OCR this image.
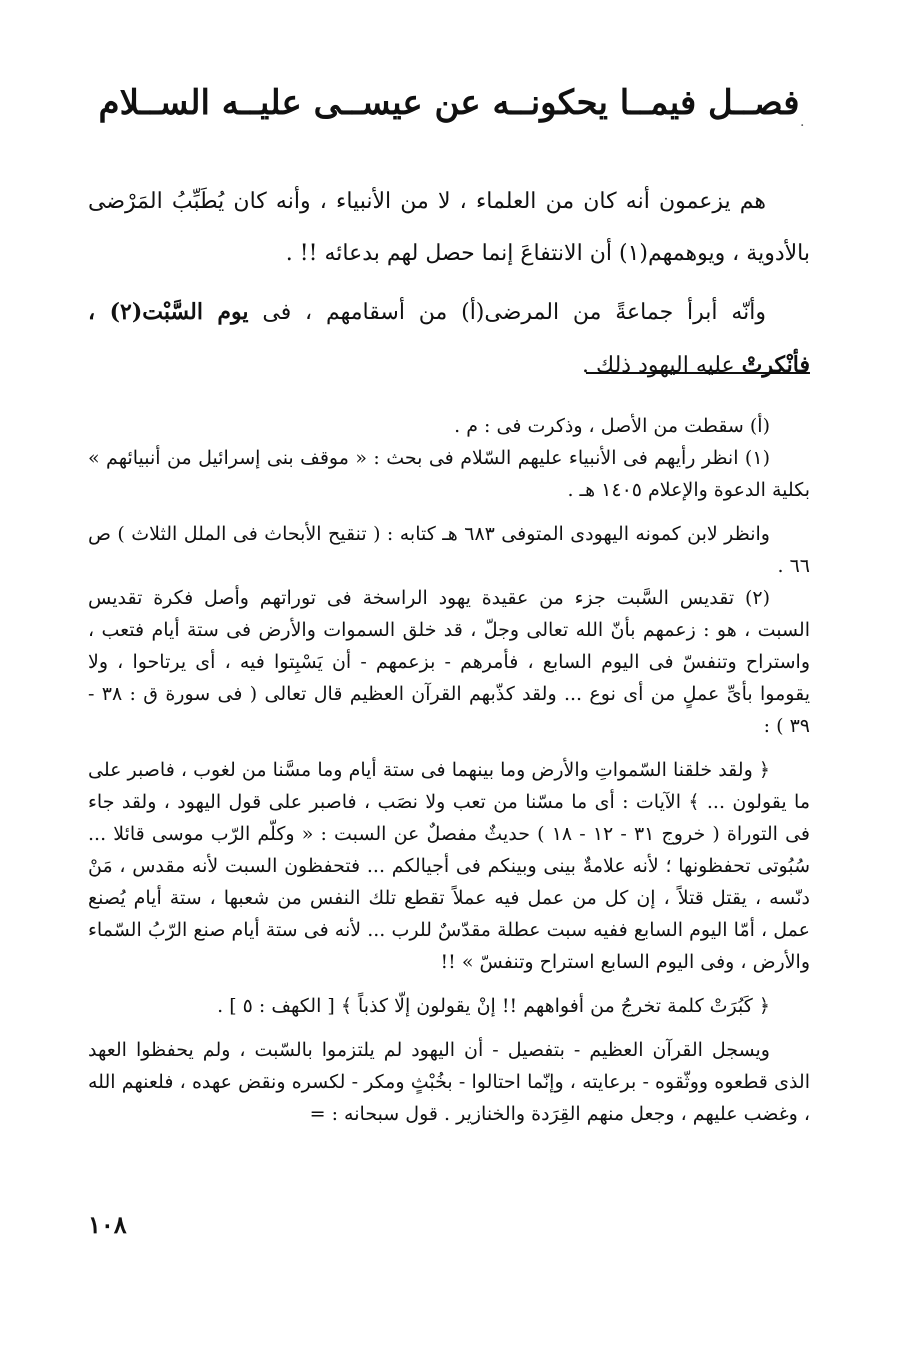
·
فصــل فيمــا يحكونــه عن عيســى عليــه الســلام

هم يزعمون أنه كان من العلماء ، لا من الأنبياء ، وأنه كان يُطَبِّبُ المَرْضى بالأدوية ، ويوهمهم(١) أن الانتفاعَ إنما حصل لهم بدعائه !! .

وأنّه أبرأ جماعةً من المرضى(أ) من أسقامهم ، فى يوم السَّبْت(٢) ، فأنْكرتْ عليه اليهود ذلك .

(أ) سقطت من الأصل ، وذكرت فى : م .

(١) انظر رأيهم فى الأنبياء عليهم السّلام فى بحث : « موقف بنى إسرائيل من أنبيائهم » بكلية الدعوة والإعلام ١٤٠٥ هـ .

وانظر لابن كمونه اليهودى المتوفى ٦٨٣ هـ كتابه : ( تنقيح الأبحاث فى الملل الثلاث ) ص ٦٦ .

(٢) تقديس السَّبت جزء من عقيدة يهود الراسخة فى توراتهم وأصل فكرة تقديس السبت ، هو : زعمهم بأنّ الله تعالى وجلّ ، قد خلق السموات والأرض فى ستة أيام فتعب ، واستراح وتنفسّ فى اليوم السابع ، فأمرهم - بزعمهم - أن يَسْبِتوا فيه ، أى يرتاحوا ، ولا يقوموا بأىِّ عملٍ من أى نوع ... ولقد كذّبهم القرآن العظيم قال تعالى ( فى سورة ق : ٣٨ - ٣٩ ) :

﴿ ولقد خلقنا السّمواتِ والأرض وما بينهما فى ستة أيام وما مسَّنا من لغوب ، فاصبر على ما يقولون ... ﴾ الآيات : أى ما مسّنا من تعب ولا نصَب ، فاصبر على قول اليهود ، ولقد جاء فى التوراة ( خروج ٣١ - ١٢ - ١٨ ) حديثٌ مفصلٌ عن السبت : « وكلّم الرّب موسى قائلا ... سُبُوتى تحفظونها ؛ لأنه علامةٌ بينى وبينكم فى أجيالكم ... فتحفظون السبت لأنه مقدس ، مَنْ دنّسه ، يقتل قتلاً ، إن كل من عمل فيه عملاً تقطع تلك النفس من شعبها ، ستة أيام يُصنع عمل ، أمّا اليوم السابع ففيه سبت عطلة مقدّسٌ للرب ... لأنه فى ستة أيام صنع الرّبُ السّماء والأرض ، وفى اليوم السابع استراح وتنفسّ » !!

﴿ كَبُرَتْ كلمة تخرجُ من أفواههم !! إنْ يقولون إلّا كذباً ﴾ [ الكهف : ٥ ] .

ويسجل القرآن العظيم - بتفصيل - أن اليهود لم يلتزموا بالسّبت ، ولم يحفظوا العهد الذى قطعوه ووثّقوه - برعايته ، وإنّما احتالوا - بخُبْثٍ ومكر - لكسره ونقض عهده ، فلعنهم الله ، وغضب عليهم ، وجعل منهم القِرَدة والخنازير . قول سبحانه : =

١٠٨
